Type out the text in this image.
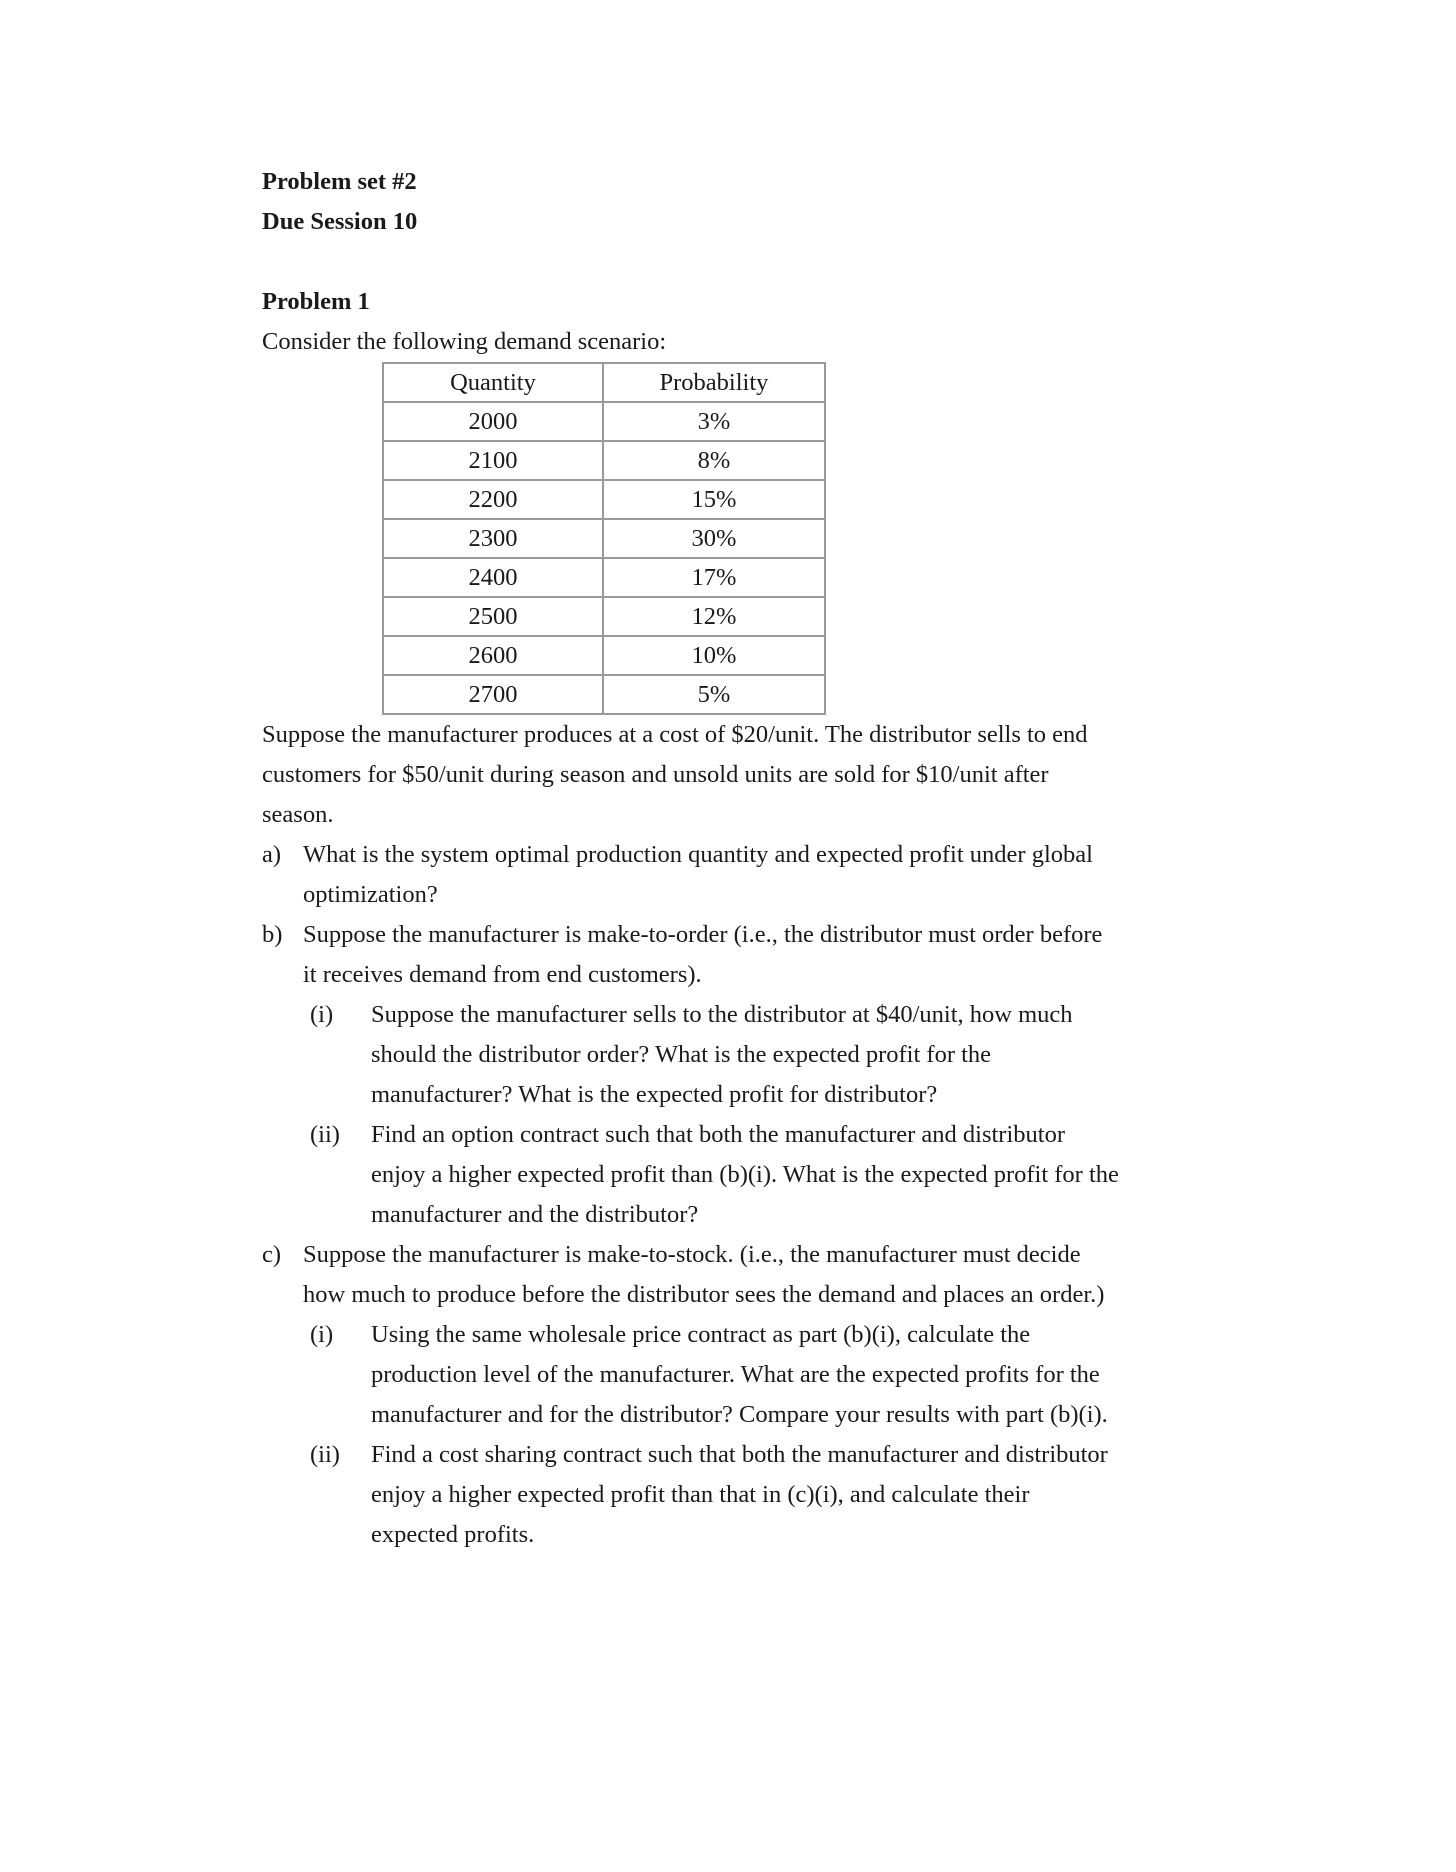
Problem set #2
Due Session 10
Problem 1
Consider the following demand scenario:
Quantity	Probability
2000	3%
2100	8%
2200	15%
2300	30%
2400	17%
2500	12%
2600	10%
2700	5%
Suppose the manufacturer produces at a cost of $20/unit. The distributor sells to end
customers for $50/unit during season and unsold units are sold for $10/unit after
season.
a) What is the system optimal production quantity and expected profit under global
optimization?
b) Suppose the manufacturer is make-to-order (i.e., the distributor must order before
it receives demand from end customers).
(i) Suppose the manufacturer sells to the distributor at $40/unit, how much
should the distributor order? What is the expected profit for the
manufacturer? What is the expected profit for distributor?
(ii) Find an option contract such that both the manufacturer and distributor
enjoy a higher expected profit than (b)(i). What is the expected profit for the
manufacturer and the distributor?
c) Suppose the manufacturer is make-to-stock. (i.e., the manufacturer must decide
how much to produce before the distributor sees the demand and places an order.)
(i) Using the same wholesale price contract as part (b)(i), calculate the
production level of the manufacturer. What are the expected profits for the
manufacturer and for the distributor? Compare your results with part (b)(i).
(ii) Find a cost sharing contract such that both the manufacturer and distributor
enjoy a higher expected profit than that in (c)(i), and calculate their
expected profits.
